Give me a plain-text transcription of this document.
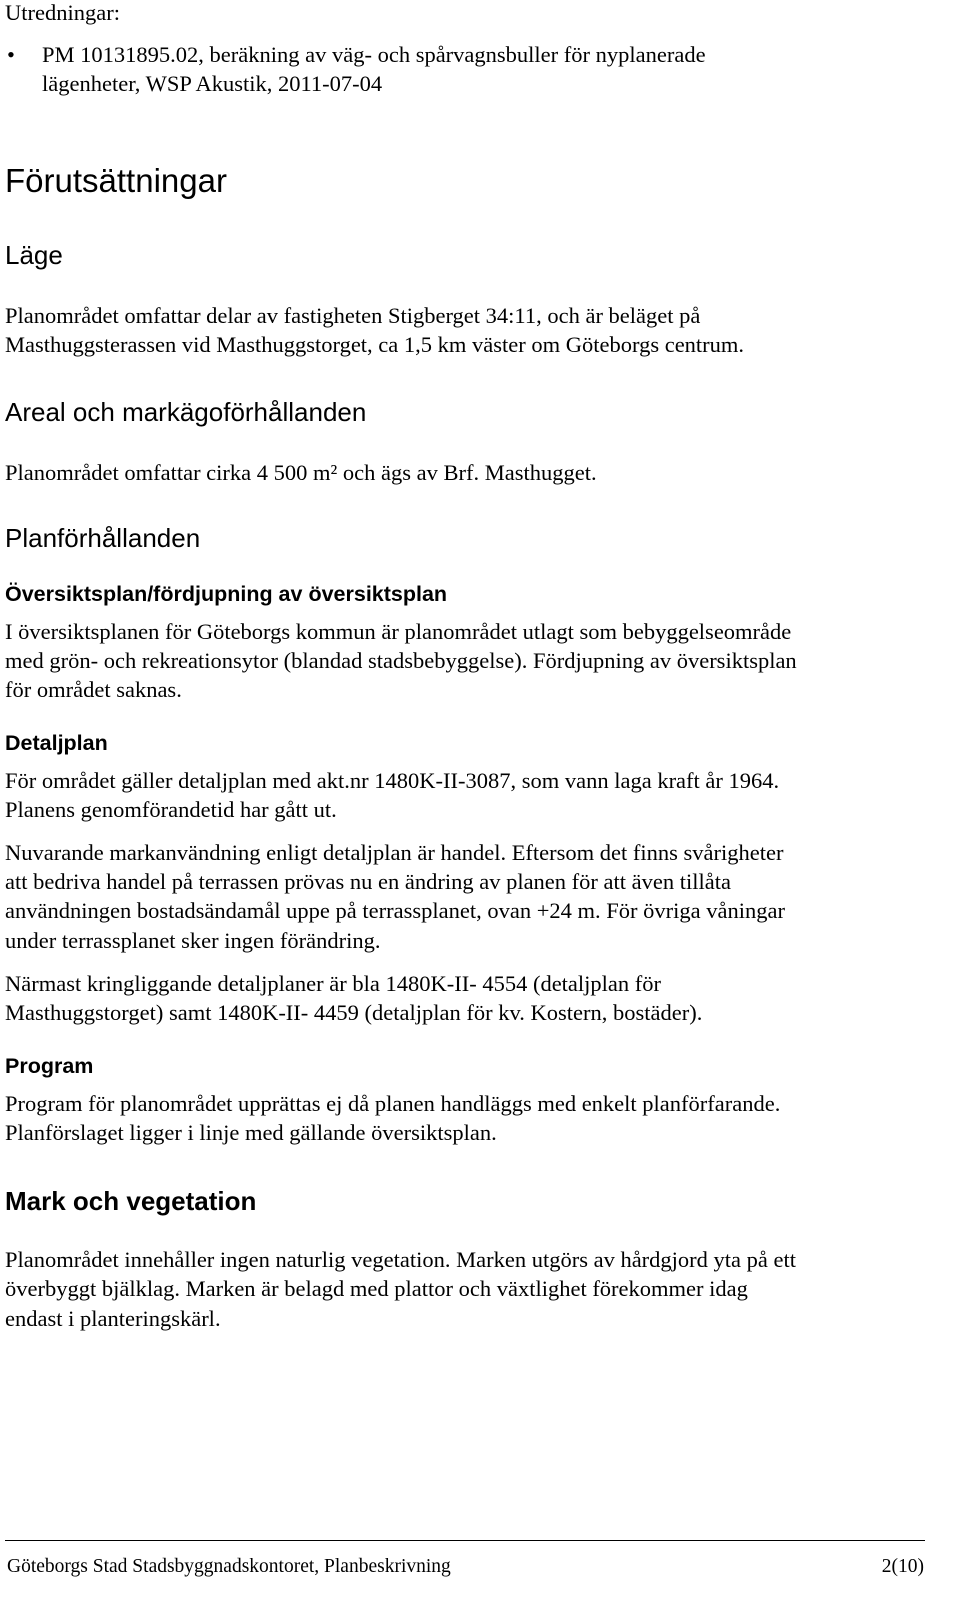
Utredningar:

• PM 10131895.02, beräkning av väg- och spårvagnsbuller för nyplanerade

lägenheter, WSP Akustik, 2011-07-04

Förutsättningar
Läge

Planområdet omfattar delar av fastigheten Stigberget 34:11, och är beläget på

Masthuggsterassen vid Masthuggstorget, ca 1,5 km väster om Göteborgs centrum.

Areal och markägoförhållanden

Planområdet omfattar cirka 4 500 m² och ägs av Brf. Masthugget.

Planförhållanden
Översiktsplan/fördjupning av översiktsplan

I översiktsplanen för Göteborgs kommun är planområdet utlagt som bebyggelseområde

med grön- och rekreationsytor (blandad stadsbebyggelse). Fördjupning av översiktsplan

för området saknas.

Detaljplan

För området gäller detaljplan med akt.nr 1480K-II-3087, som vann laga kraft år 1964.

Planens genomförandetid har gått ut.

Nuvarande markanvändning enligt detaljplan är handel. Eftersom det finns svårigheter

att bedriva handel på terrassen prövas nu en ändring av planen för att även tillåta

användningen bostadsändamål uppe på terrassplanet, ovan +24 m. För övriga våningar

under terrassplanet sker ingen förändring.

Närmast kringliggande detaljplaner är bla 1480K-II- 4554 (detaljplan för

Masthuggstorget) samt 1480K-II- 4459 (detaljplan för kv. Kostern, bostäder).

Program

Program för planområdet upprättas ej då planen handläggs med enkelt planförfarande.

Planförslaget ligger i linje med gällande översiktsplan.

Mark och vegetation

Planområdet innehåller ingen naturlig vegetation. Marken utgörs av hårdgjord yta på ett

överbyggt bjälklag. Marken är belagd med plattor och växtlighet förekommer idag

endast i planteringskärl.

Göteborgs Stad Stadsbyggnadskontoret, Planbeskrivning	2(10)
